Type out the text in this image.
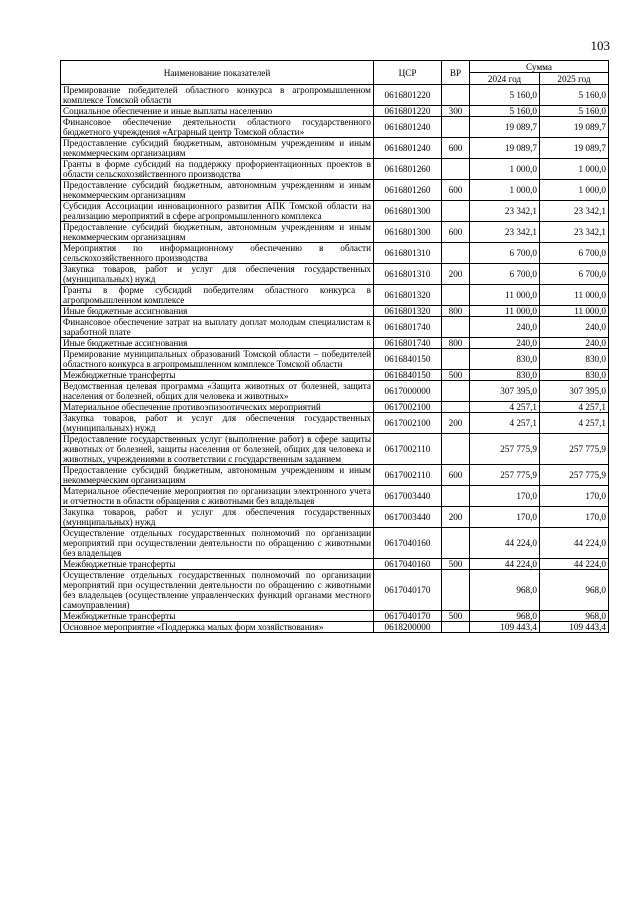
103
Наименование показателей	ЦСР	ВР	Сумма	
			2024 год	2025 год
Премирование победителей областного конкурса в агропромышленном комплексе Томской области	0616801220		5 160,0	5 160,0
Социальное обеспечение и иные выплаты населению	0616801220	300	5 160,0	5 160,0
Финансовое обеспечение деятельности областного государственного бюджетного учреждения «Аграрный центр Томской области»	0616801240		19 089,7	19 089,7
Предоставление субсидий бюджетным, автономным учреждениям и иным некоммерческим организациям	0616801240	600	19 089,7	19 089,7
Гранты в форме субсидий на поддержку профориентационных проектов в области сельскохозяйственного производства	0616801260		1 000,0	1 000,0
Предоставление субсидий бюджетным, автономным учреждениям и иным некоммерческим организациям	0616801260	600	1 000,0	1 000,0
Субсидия Ассоциации инновационного развития АПК Томской области на реализацию мероприятий в сфере агропромышленного комплекса	0616801300		23 342,1	23 342,1
Предоставление субсидий бюджетным, автономным учреждениям и иным некоммерческим организациям	0616801300	600	23 342,1	23 342,1
Мероприятия по информационному обеспечению в области сельскохозяйственного производства	0616801310		6 700,0	6 700,0
Закупка товаров, работ и услуг для обеспечения государственных (муниципальных) нужд	0616801310	200	6 700,0	6 700,0
Гранты в форме субсидий победителям областного конкурса в агропромышленном комплексе	0616801320		11 000,0	11 000,0
Иные бюджетные ассигнования	0616801320	800	11 000,0	11 000,0
Финансовое обеспечение затрат на выплату доплат молодым специалистам к заработной плате	0616801740		240,0	240,0
Иные бюджетные ассигнования	0616801740	800	240,0	240,0
Премирование муниципальных образований Томской области – победителей областного конкурса в агропромышленном комплексе Томской области	0616840150		830,0	830,0
Межбюджетные трансферты	0616840150	500	830,0	830,0
Ведомственная целевая программа «Защита животных от болезней, защита населения от болезней, общих для человека и животных»	0617000000		307 395,0	307 395,0
Материальное обеспечение противоэпизоотических мероприятий	0617002100		4 257,1	4 257,1
Закупка товаров, работ и услуг для обеспечения государственных (муниципальных) нужд	0617002100	200	4 257,1	4 257,1
Предоставление государственных услуг (выполнение работ) в сфере защиты животных от болезней, защиты населения от болезней, общих для человека и животных, учреждениями в соответствии с государственным заданием	0617002110		257 775,9	257 775,9
Предоставление субсидий бюджетным, автономным учреждениям и иным некоммерческим организациям	0617002110	600	257 775,9	257 775,9
Материальное обеспечение мероприятия по организации электронного учета и отчетности в области обращения с животными без владельцев	0617003440		170,0	170,0
Закупка товаров, работ и услуг для обеспечения государственных (муниципальных) нужд	0617003440	200	170,0	170,0
Осуществление отдельных государственных полномочий по организации мероприятий при осуществлении деятельности по обращению с животными без владельцев	0617040160		44 224,0	44 224,0
Межбюджетные трансферты	0617040160	500	44 224,0	44 224,0
Осуществление отдельных государственных полномочий по организации мероприятий при осуществлении деятельности по обращению с животными без владельцев (осуществление управленческих функций органами местного самоуправления)	0617040170		968,0	968,0
Межбюджетные трансферты	0617040170	500	968,0	968,0
Основное мероприятие «Поддержка малых форм хозяйствования»	0618200000		109 443,4	109 443,4
